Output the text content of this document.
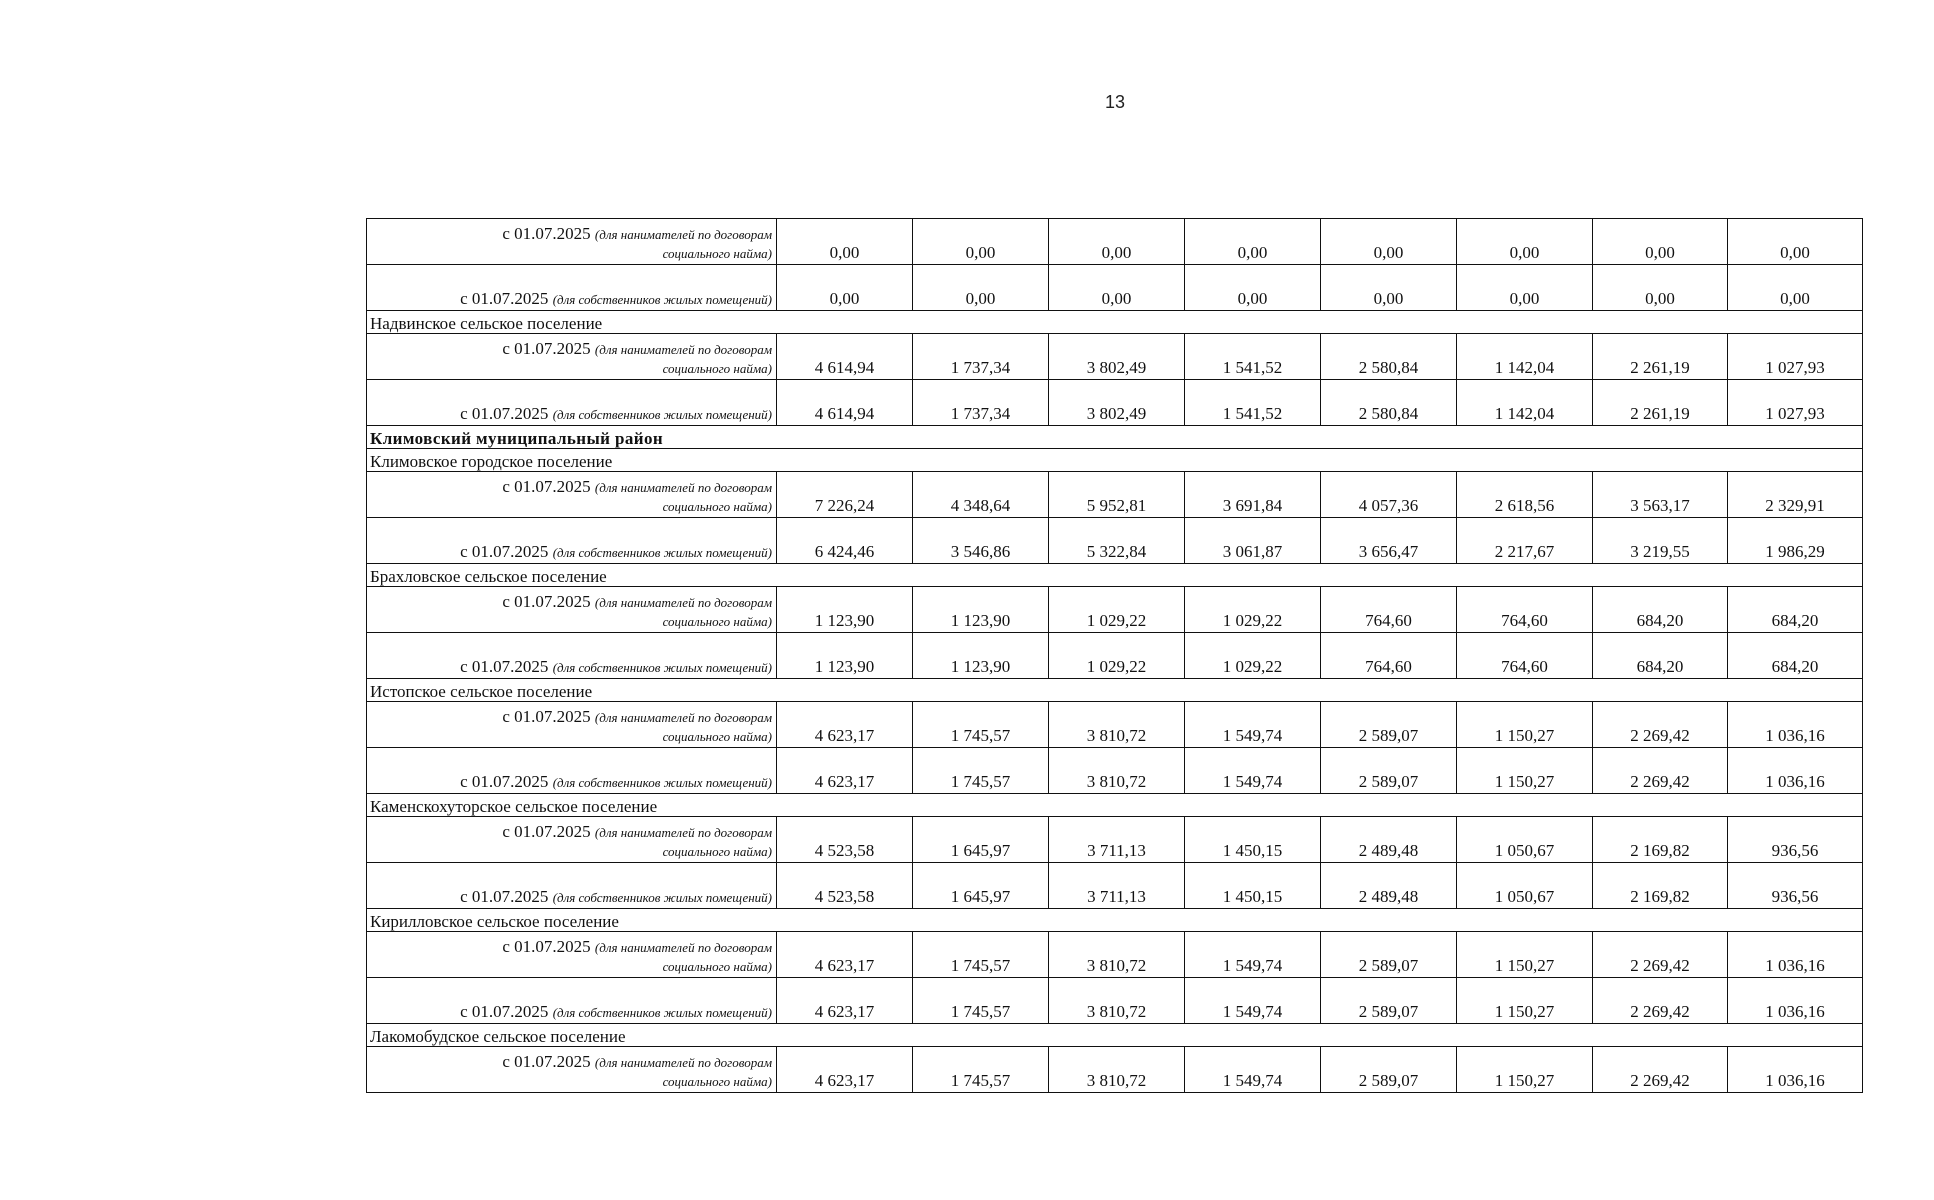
13
с 01.07.2025 (для нанимателей по договорам
социального найма)	0,00	0,00	0,00	0,00	0,00	0,00	0,00	0,00
с 01.07.2025 (для собственников жилых помещений)	0,00	0,00	0,00	0,00	0,00	0,00	0,00	0,00
Надвинское сельское поселение								

с 01.07.2025 (для нанимателей по договорам
социального найма)	4 614,94	1 737,34	3 802,49	1 541,52	2 580,84	1 142,04	2 261,19	1 027,93
с 01.07.2025 (для собственников жилых помещений)	4 614,94	1 737,34	3 802,49	1 541,52	2 580,84	1 142,04	2 261,19	1 027,93
Климовский муниципальный район								
Климовское городское поселение								

с 01.07.2025 (для нанимателей по договорам
социального найма)	7 226,24	4 348,64	5 952,81	3 691,84	4 057,36	2 618,56	3 563,17	2 329,91
с 01.07.2025 (для собственников жилых помещений)	6 424,46	3 546,86	5 322,84	3 061,87	3 656,47	2 217,67	3 219,55	1 986,29
Брахловское сельское поселение								

с 01.07.2025 (для нанимателей по договорам
социального найма)	1 123,90	1 123,90	1 029,22	1 029,22	764,60	764,60	684,20	684,20
с 01.07.2025 (для собственников жилых помещений)	1 123,90	1 123,90	1 029,22	1 029,22	764,60	764,60	684,20	684,20
Истопское сельское поселение								

с 01.07.2025 (для нанимателей по договорам
социального найма)	4 623,17	1 745,57	3 810,72	1 549,74	2 589,07	1 150,27	2 269,42	1 036,16
с 01.07.2025 (для собственников жилых помещений)	4 623,17	1 745,57	3 810,72	1 549,74	2 589,07	1 150,27	2 269,42	1 036,16
Каменскохуторское сельское поселение								

с 01.07.2025 (для нанимателей по договорам
социального найма)	4 523,58	1 645,97	3 711,13	1 450,15	2 489,48	1 050,67	2 169,82	936,56
с 01.07.2025 (для собственников жилых помещений)	4 523,58	1 645,97	3 711,13	1 450,15	2 489,48	1 050,67	2 169,82	936,56
Кирилловское сельское поселение								

с 01.07.2025 (для нанимателей по договорам
социального найма)	4 623,17	1 745,57	3 810,72	1 549,74	2 589,07	1 150,27	2 269,42	1 036,16
с 01.07.2025 (для собственников жилых помещений)	4 623,17	1 745,57	3 810,72	1 549,74	2 589,07	1 150,27	2 269,42	1 036,16
Лакомобудское сельское поселение								

с 01.07.2025 (для нанимателей по договорам
социального найма)	4 623,17	1 745,57	3 810,72	1 549,74	2 589,07	1 150,27	2 269,42	1 036,16
